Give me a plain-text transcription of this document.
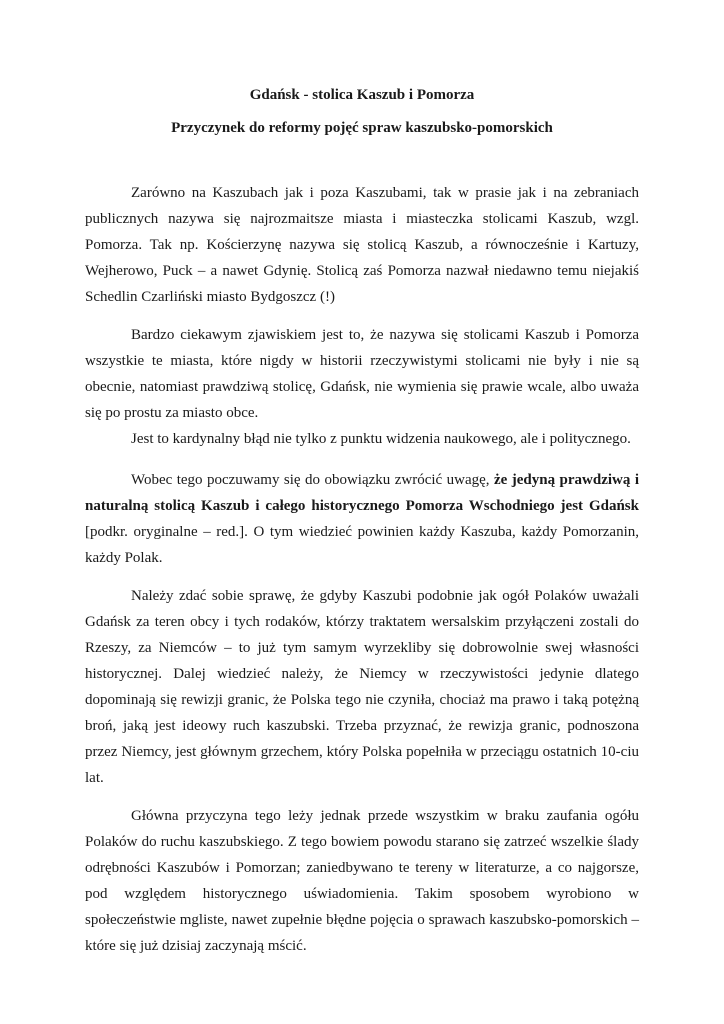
Gdańsk - stolica Kaszub i Pomorza
Przyczynek do reformy pojęć spraw kaszubsko-pomorskich

Zarówno na Kaszubach jak i poza Kaszubami, tak w prasie jak i na zebraniach publicznych nazywa się najrozmaitsze miasta i miasteczka stolicami Kaszub, wzgl. Pomorza. Tak np. Kościerzynę nazywa się stolicą Kaszub, a równocześnie i Kartuzy, Wejherowo, Puck – a nawet Gdynię. Stolicą zaś Pomorza nazwał niedawno temu niejakiś Schedlin Czarliński miasto Bydgoszcz (!)

Bardzo ciekawym zjawiskiem jest to, że nazywa się stolicami Kaszub i Pomorza wszystkie te miasta, które nigdy w historii rzeczywistymi stolicami nie były i nie są obecnie, natomiast prawdziwą stolicę, Gdańsk, nie wymienia się prawie wcale, albo uważa się po prostu za miasto obce.

Jest to kardynalny błąd nie tylko z punktu widzenia naukowego, ale i politycznego.

Wobec tego poczuwamy się do obowiązku zwrócić uwagę, że jedyną prawdziwą i naturalną stolicą Kaszub i całego historycznego Pomorza Wschodniego jest Gdańsk [podkr. oryginalne – red.]. O tym wiedzieć powinien każdy Kaszuba, każdy Pomorzanin, każdy Polak.

Należy zdać sobie sprawę, że gdyby Kaszubi podobnie jak ogół Polaków uważali Gdańsk za teren obcy i tych rodaków, którzy traktatem wersalskim przyłączeni zostali do Rzeszy, za Niemców – to już tym samym wyrzekliby się dobrowolnie swej własności historycznej. Dalej wiedzieć należy, że Niemcy w rzeczywistości jedynie dlatego dopominają się rewizji granic, że Polska tego nie czyniła, chociaż ma prawo i taką potężną broń, jaką jest ideowy ruch kaszubski. Trzeba przyznać, że rewizja granic, podnoszona przez Niemcy, jest głównym grzechem, który Polska popełniła w przeciągu ostatnich 10-ciu lat.

Główna przyczyna tego leży jednak przede wszystkim w braku zaufania ogółu Polaków do ruchu kaszubskiego. Z tego bowiem powodu starano się zatrzeć wszelkie ślady odrębności Kaszubów i Pomorzan; zaniedbywano te tereny w literaturze, a co najgorsze, pod względem historycznego uświadomienia. Takim sposobem wyrobiono w społeczeństwie mgliste, nawet zupełnie błędne pojęcia o sprawach kaszubsko-pomorskich – które się już dzisiaj zaczynają mścić.
